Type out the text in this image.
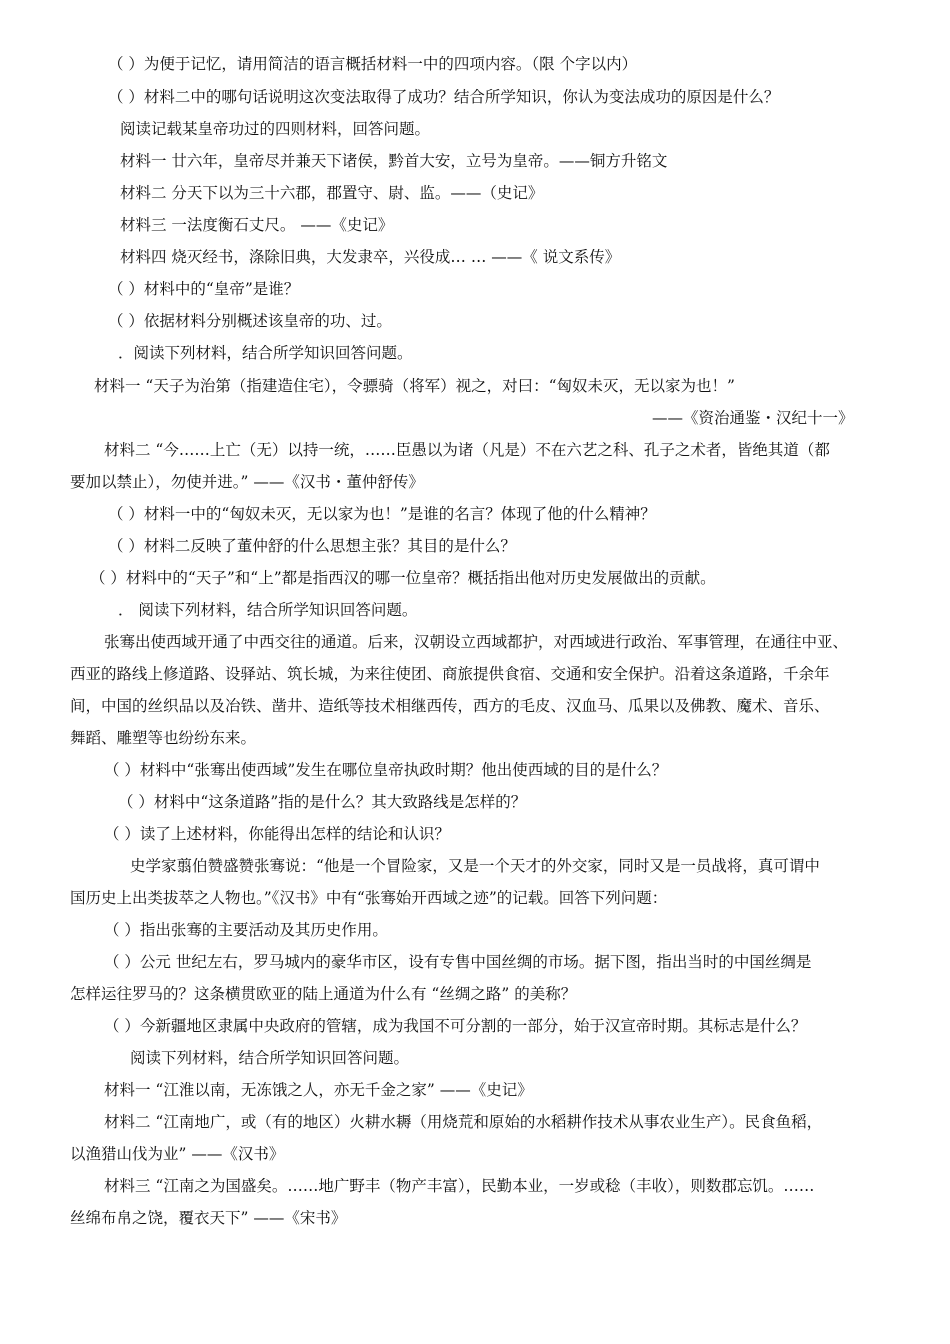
（ ）为便于记忆，请用简洁的语言概括材料一中的四项内容。（限 个字以内）
（ ）材料二中的哪句话说明这次变法取得了成功？结合所学知识，你认为变法成功的原因是什么？
阅读记载某皇帝功过的四则材料，回答问题。
材料一 廿六年，皇帝尽并兼天下诸侯，黔首大安，立号为皇帝。——铜方升铭文
材料二 分天下以为三十六郡，郡置守、尉、监。——（史记》
材料三 一法度衡石丈尺。 ——《史记》
材料四 烧灭经书，涤除旧典，大发隶卒，兴役成… … ——《 说文系传》
（ ）材料中的“皇帝”是谁？
（ ）依据材料分别概述该皇帝的功、过。
．阅读下列材料，结合所学知识回答问题。
材料一 “天子为治第（指建造住宅），令骠骑（将军）视之，对曰：“匈奴未灭，无以家为也！”
——《资治通鉴・汉纪十一》
材料二 “今……上亡（无）以持一统，……臣愚以为诸（凡是）不在六艺之科、孔子之术者，皆绝其道（都
要加以禁止），勿使并进。” ——《汉书・董仲舒传》
（ ）材料一中的“匈奴未灭，无以家为也！”是谁的名言？体现了他的什么精神？
（ ）材料二反映了董仲舒的什么思想主张？其目的是什么？
（ ）材料中的“天子”和“上”都是指西汉的哪一位皇帝？概括指出他对历史发展做出的贡献。
． 阅读下列材料，结合所学知识回答问题。
张骞出使西域开通了中西交往的通道。后来，汉朝设立西域都护，对西域进行政治、军事管理，在通往中亚、
西亚的路线上修道路、设驿站、筑长城，为来往使团、商旅提供食宿、交通和安全保护。沿着这条道路，千余年
间，中国的丝织品以及冶铁、凿井、造纸等技术相继西传，西方的毛皮、汉血马、瓜果以及佛教、魔术、音乐、
舞蹈、雕塑等也纷纷东来。
（ ）材料中“张骞出使西域”发生在哪位皇帝执政时期？他出使西域的目的是什么？
（ ）材料中“这条道路”指的是什么？其大致路线是怎样的？
（ ）读了上述材料，你能得出怎样的结论和认识？
史学家翦伯赞盛赞张骞说：“他是一个冒险家，又是一个天才的外交家，同时又是一员战将，真可谓中
国历史上出类拔萃之人物也。”《汉书》中有“张骞始开西域之迹”的记载。回答下列问题：
（ ）指出张骞的主要活动及其历史作用。
（ ）公元 世纪左右，罗马城内的豪华市区，设有专售中国丝绸的市场。据下图，指出当时的中国丝绸是
怎样运往罗马的？这条横贯欧亚的陆上通道为什么有 “丝绸之路” 的美称？
（ ）今新疆地区隶属中央政府的管辖，成为我国不可分割的一部分，始于汉宣帝时期。其标志是什么？
阅读下列材料，结合所学知识回答问题。
材料一 “江淮以南，无冻饿之人，亦无千金之家” ——《史记》
材料二 “江南地广，或（有的地区）火耕水耨（用烧荒和原始的水稻耕作技术从事农业生产）。民食鱼稻，
以渔猎山伐为业” ——《汉书》
材料三 “江南之为国盛矣。……地广野丰（物产丰富），民勤本业，一岁或稔（丰收），则数郡忘饥。……
丝绵布帛之饶，覆衣天下” ——《宋书》
